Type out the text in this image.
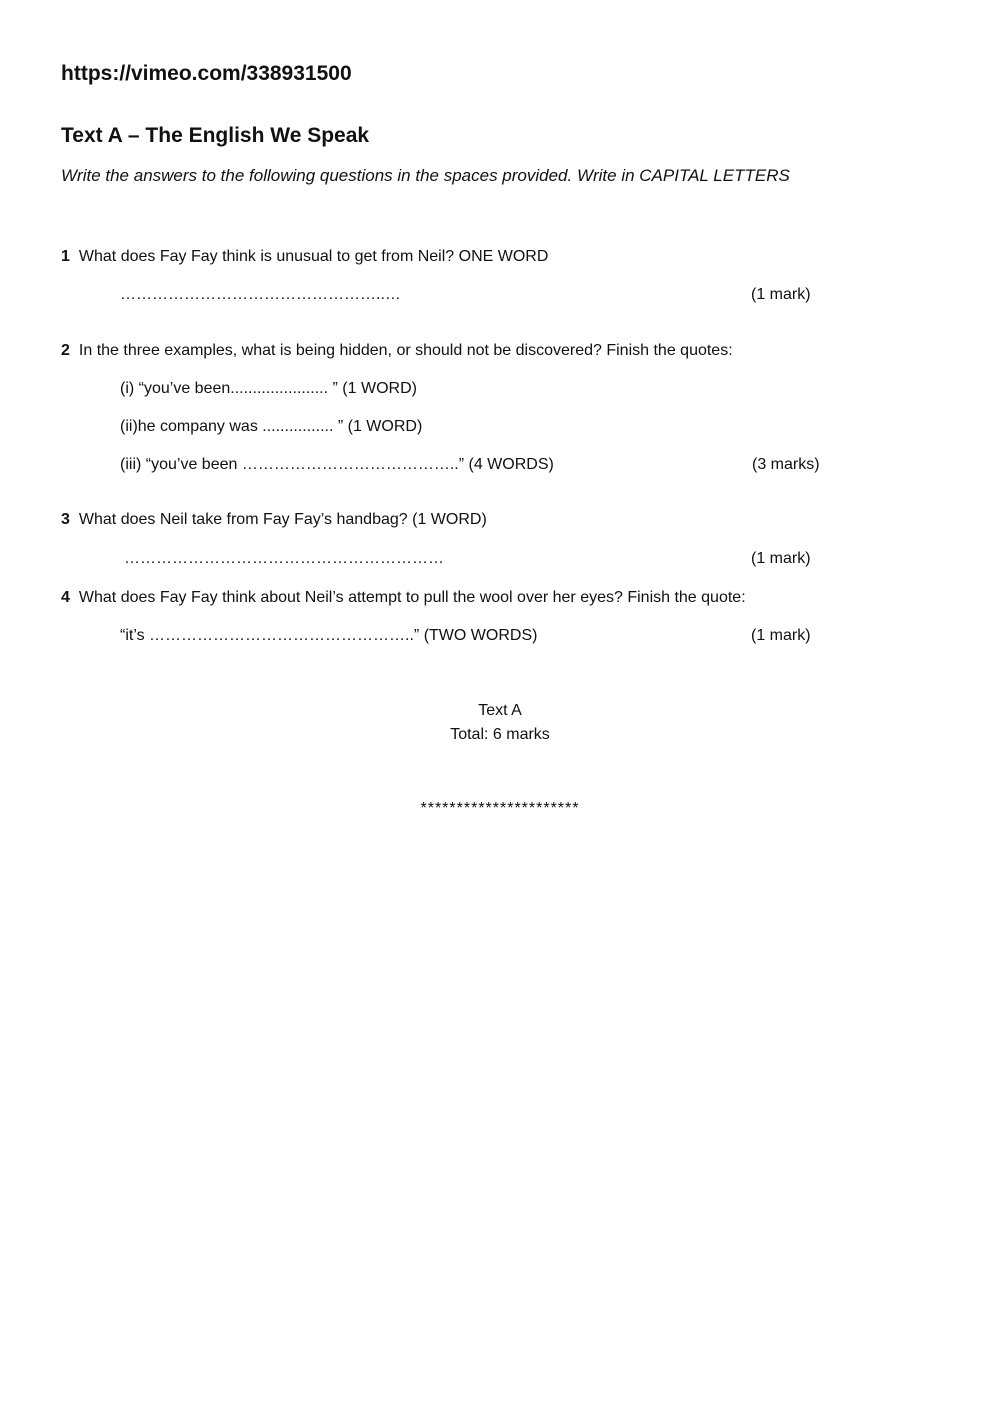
https://vimeo.com/338931500
Text A – The English We Speak
Write the answers to the following questions in the spaces provided. Write in CAPITAL LETTERS
1 What does Fay Fay think is unusual to get from Neil? ONE WORD
…………………………………………..…	(1 mark)
2 In the three examples, what is being hidden, or should not be discovered? Finish the quotes:
(i) “you’ve been...................... ” (1 WORD)
(ii)he company was ................ ” (1 WORD)
(iii) “you’ve been …………………………………..” (4 WORDS)	(3 marks)
3 What does Neil take from Fay Fay’s handbag? (1 WORD)
……………………………………………………	(1 mark)
4 What does Fay Fay think about Neil’s attempt to pull the wool over her eyes? Finish the quote:
“it’s …………………………………………..” (TWO WORDS)	(1 mark)
Text A
Total: 6 marks
**********************
